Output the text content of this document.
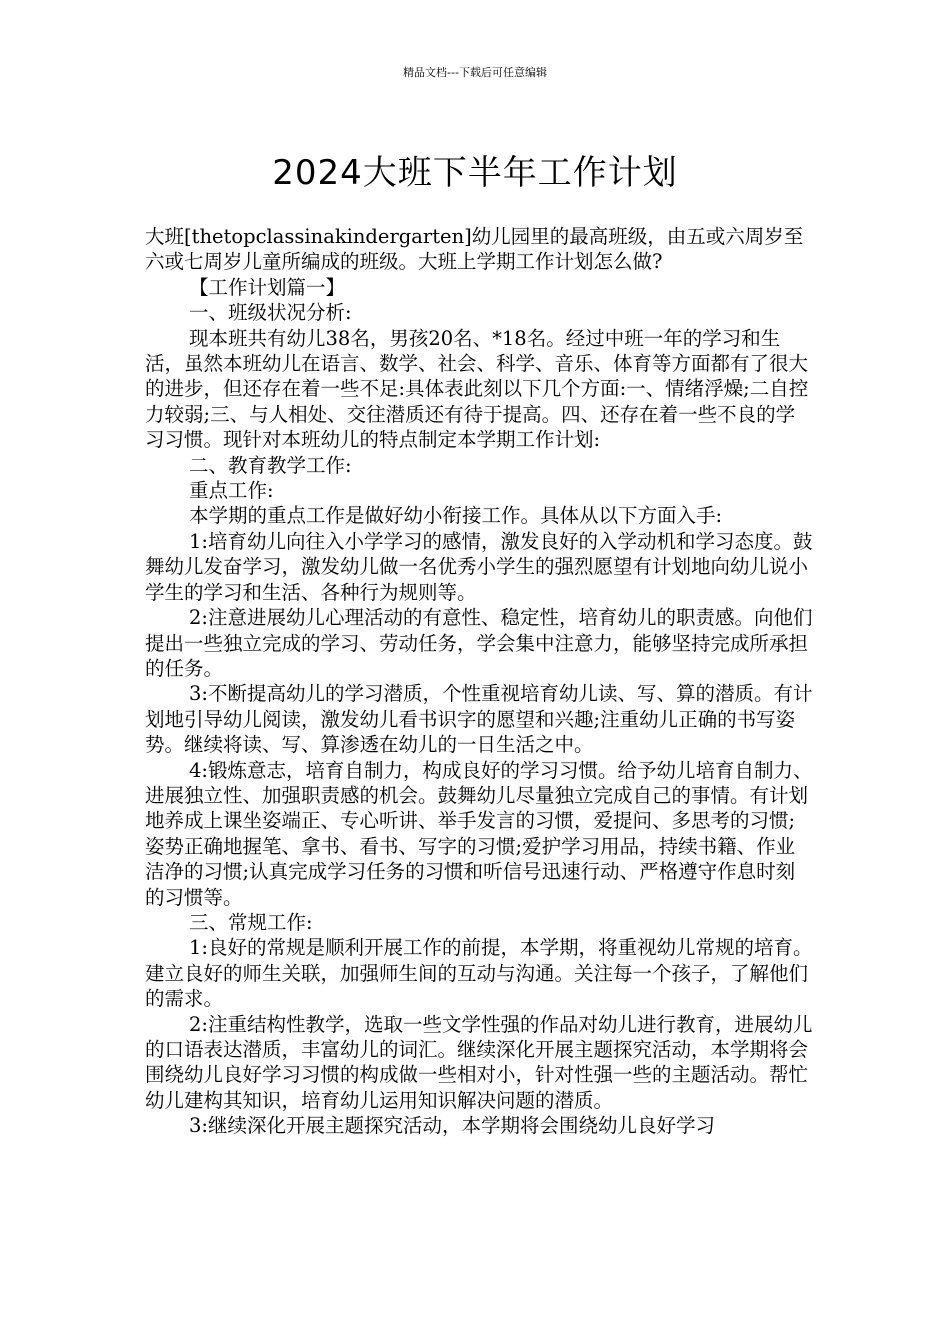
精品文档---下载后可任意编辑
2024大班下半年工作计划

大班[thetopclassinakindergarten]幼儿园里的最高班级，由五或六周岁至六或七周岁儿童所编成的班级。大班上学期工作计划怎么做?

【工作计划篇一】

一、班级状况分析:

现本班共有幼儿38名，男孩20名、*18名。经过中班一年的学习和生活，虽然本班幼儿在语言、数学、社会、科学、音乐、体育等方面都有了很大的进步，但还存在着一些不足:具体表此刻以下几个方面:一、情绪浮燥;二自控力较弱;三、与人相处、交往潜质还有待于提高。四、还存在着一些不良的学习习惯。现针对本班幼儿的特点制定本学期工作计划:

二、教育教学工作:

重点工作:

本学期的重点工作是做好幼小衔接工作。具体从以下方面入手:

1:培育幼儿向往入小学学习的感情，激发良好的入学动机和学习态度。鼓舞幼儿发奋学习，激发幼儿做一名优秀小学生的强烈愿望有计划地向幼儿说小学生的学习和生活、各种行为规则等。

2:注意进展幼儿心理活动的有意性、稳定性，培育幼儿的职责感。向他们提出一些独立完成的学习、劳动任务，学会集中注意力，能够坚持完成所承担的任务。

3:不断提高幼儿的学习潜质，个性重视培育幼儿读、写、算的潜质。有计划地引导幼儿阅读，激发幼儿看书识字的愿望和兴趣;注重幼儿正确的书写姿势。继续将读、写、算渗透在幼儿的一日生活之中。

4:锻炼意志，培育自制力，构成良好的学习习惯。给予幼儿培育自制力、进展独立性、加强职责感的机会。鼓舞幼儿尽量独立完成自己的事情。有计划地养成上课坐姿端正、专心听讲、举手发言的习惯，爱提问、多思考的习惯;姿势正确地握笔、拿书、看书、写字的习惯;爱护学习用品，持续书籍、作业洁净的习惯;认真完成学习任务的习惯和听信号迅速行动、严格遵守作息时刻的习惯等。

三、常规工作:

1:良好的常规是顺利开展工作的前提，本学期，将重视幼儿常规的培育。建立良好的师生关联，加强师生间的互动与沟通。关注每一个孩子，了解他们的需求。

2:注重结构性教学，选取一些文学性强的作品对幼儿进行教育，进展幼儿的口语表达潜质，丰富幼儿的词汇。继续深化开展主题探究活动，本学期将会围绕幼儿良好学习习惯的构成做一些相对小，针对性强一些的主题活动。帮忙幼儿建构其知识，培育幼儿运用知识解决问题的潜质。

3:继续深化开展主题探究活动，本学期将会围绕幼儿良好学习
